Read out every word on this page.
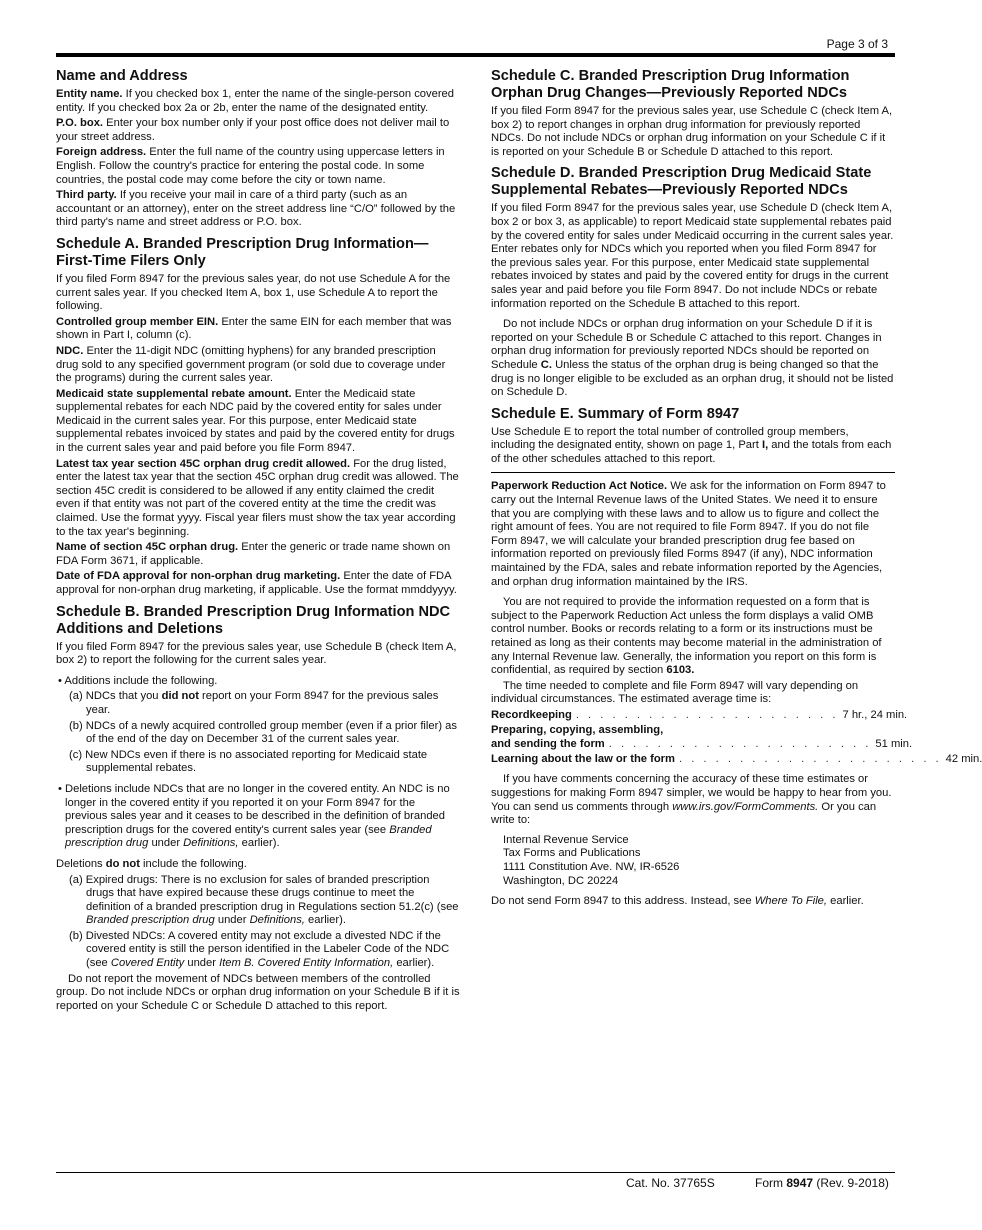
Page 3 of 3
Name and Address

Entity name. If you checked box 1, enter the name of the single-person covered entity. If you checked box 2a or 2b, enter the name of the designated entity.

P.O. box. Enter your box number only if your post office does not deliver mail to your street address.

Foreign address. Enter the full name of the country using uppercase letters in English. Follow the country's practice for entering the postal code. In some countries, the postal code may come before the city or town name.

Third party. If you receive your mail in care of a third party (such as an accountant or an attorney), enter on the street address line “C/O” followed by the third party's name and street address or P.O. box.

Schedule A. Branded Prescription Drug Information—First-Time Filers Only

If you filed Form 8947 for the previous sales year, do not use Schedule A for the current sales year. If you checked Item A, box 1, use Schedule A to report the following.

Controlled group member EIN. Enter the same EIN for each member that was shown in Part I, column (c).

NDC. Enter the 11-digit NDC (omitting hyphens) for any branded prescription drug sold to any specified government program (or sold due to coverage under the programs) during the current sales year.

Medicaid state supplemental rebate amount. Enter the Medicaid state supplemental rebates for each NDC paid by the covered entity for sales under Medicaid in the current sales year. For this purpose, enter Medicaid state supplemental rebates invoiced by states and paid by the covered entity for drugs in the current sales year and paid before you file Form 8947.

Latest tax year section 45C orphan drug credit allowed. For the drug listed, enter the latest tax year that the section 45C orphan drug credit was allowed. The section 45C credit is considered to be allowed if any entity claimed the credit even if that entity was not part of the covered entity at the time the credit was claimed. Use the format yyyy. Fiscal year filers must show the tax year according to the tax year's beginning.

Name of section 45C orphan drug. Enter the generic or trade name shown on FDA Form 3671, if applicable.

Date of FDA approval for non-orphan drug marketing. Enter the date of FDA approval for non-orphan drug marketing, if applicable. Use the format mmddyyyy.

Schedule B. Branded Prescription Drug Information NDC Additions and Deletions

If you filed Form 8947 for the previous sales year, use Schedule B (check Item A, box 2) to report the following for the current sales year.

• Additions include the following.

(a) NDCs that you did not report on your Form 8947 for the previous sales year.

(b) NDCs of a newly acquired controlled group member (even if a prior filer) as of the end of the day on December 31 of the current sales year.

(c) New NDCs even if there is no associated reporting for Medicaid state supplemental rebates.

• Deletions include NDCs that are no longer in the covered entity. An NDC is no longer in the covered entity if you reported it on your Form 8947 for the previous sales year and it ceases to be described in the definition of branded prescription drugs for the covered entity's current sales year (see Branded prescription drug under Definitions, earlier).

Deletions do not include the following.

(a) Expired drugs: There is no exclusion for sales of branded prescription drugs that have expired because these drugs continue to meet the definition of a branded prescription drug in Regulations section 51.2(c) (see Branded prescription drug under Definitions, earlier).

(b) Divested NDCs: A covered entity may not exclude a divested NDC if the covered entity is still the person identified in the Labeler Code of the NDC (see Covered Entity under Item B. Covered Entity Information, earlier).

Do not report the movement of NDCs between members of the controlled group. Do not include NDCs or orphan drug information on your Schedule B if it is reported on your Schedule C or Schedule D attached to this report.

Schedule C. Branded Prescription Drug Information Orphan Drug Changes—Previously Reported NDCs

If you filed Form 8947 for the previous sales year, use Schedule C (check Item A, box 2) to report changes in orphan drug information for previously reported NDCs. Do not include NDCs or orphan drug information on your Schedule C if it is reported on your Schedule B or Schedule D attached to this report.

Schedule D. Branded Prescription Drug Medicaid State Supplemental Rebates—Previously Reported NDCs

If you filed Form 8947 for the previous sales year, use Schedule D (check Item A, box 2 or box 3, as applicable) to report Medicaid state supplemental rebates paid by the covered entity for sales under Medicaid occurring in the current sales year. Enter rebates only for NDCs which you reported when you filed Form 8947 for the previous sales year. For this purpose, enter Medicaid state supplemental rebates invoiced by states and paid by the covered entity for drugs in the current sales year and paid before you file Form 8947. Do not include NDCs or rebate information reported on the Schedule B attached to this report.

Do not include NDCs or orphan drug information on your Schedule D if it is reported on your Schedule B or Schedule C attached to this report. Changes in orphan drug information for previously reported NDCs should be reported on Schedule C. Unless the status of the orphan drug is being changed so that the drug is no longer eligible to be excluded as an orphan drug, it should not be listed on Schedule D.

Schedule E. Summary of Form 8947

Use Schedule E to report the total number of controlled group members, including the designated entity, shown on page 1, Part I, and the totals from each of the other schedules attached to this report.

Paperwork Reduction Act Notice. We ask for the information on Form 8947 to carry out the Internal Revenue laws of the United States. We need it to ensure that you are complying with these laws and to allow us to figure and collect the right amount of fees. You are not required to file Form 8947. If you do not file Form 8947, we will calculate your branded prescription drug fee based on information reported on previously filed Forms 8947 (if any), NDC information maintained by the FDA, sales and rebate information reported by the Agencies, and orphan drug information maintained by the IRS.

You are not required to provide the information requested on a form that is subject to the Paperwork Reduction Act unless the form displays a valid OMB control number. Books or records relating to a form or its instructions must be retained as long as their contents may become material in the administration of any Internal Revenue law. Generally, the information you report on this form is confidential, as required by section 6103.

The time needed to complete and file Form 8947 will vary depending on individual circumstances. The estimated average time is:

Recordkeeping . . . . . . . . . . . . . . . . . . . . . . 7 hr., 24 min.
Preparing, copying, assembling,
and sending the form . . . . . . . . . . . . . . . . . . . . . . 51 min.
Learning about the law or the form . . . . . . . . . . . . . . . . . . . . . . 42 min.

If you have comments concerning the accuracy of these time estimates or suggestions for making Form 8947 simpler, we would be happy to hear from you. You can send us comments through www.irs.gov/FormComments. Or you can write to:

Internal Revenue Service
Tax Forms and Publications
1111 Constitution Ave. NW, IR-6526
Washington, DC 20224

Do not send Form 8947 to this address. Instead, see Where To File, earlier.

Cat. No. 37765S	Form 8947 (Rev. 9-2018)
